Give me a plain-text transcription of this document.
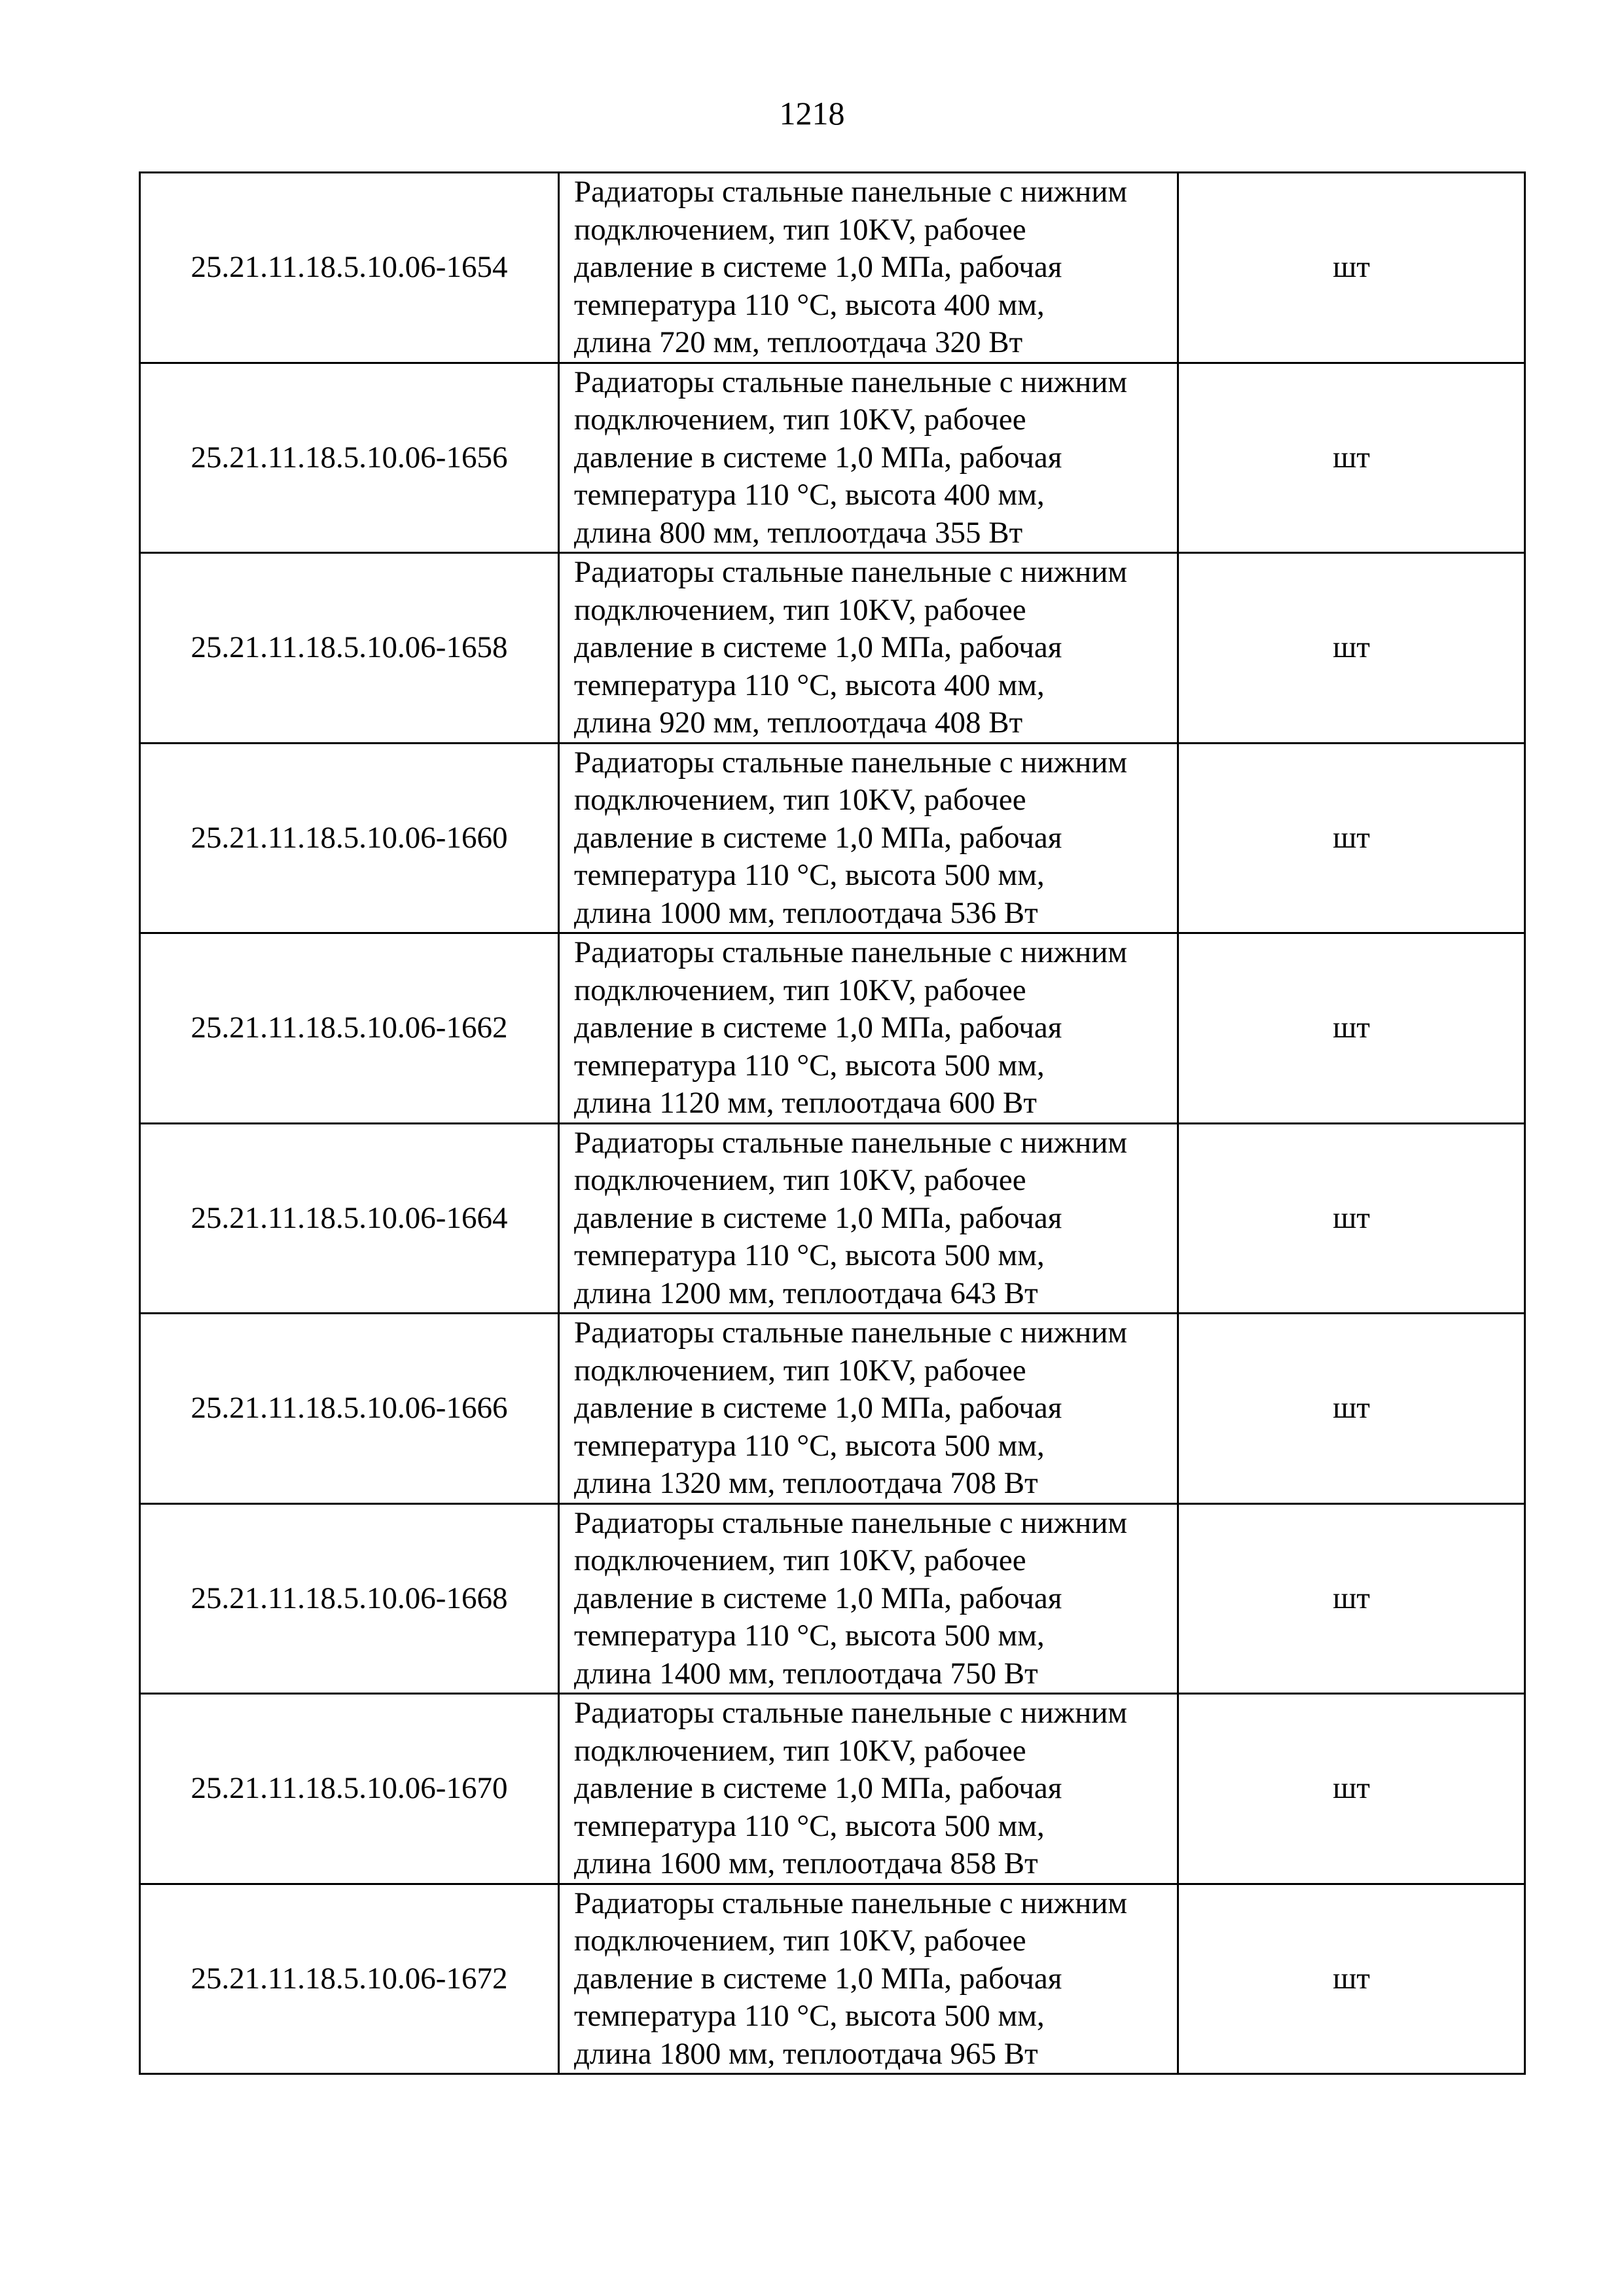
1218
25.21.11.18.5.10.06-1654	Радиаторы стальные панельные с нижним
подключением, тип 10KV, рабочее
давление в системе 1,0 МПа, рабочая
температура 110 °С, высота 400 мм,
длина 720 мм, теплоотдача 320 Вт	шт
25.21.11.18.5.10.06-1656	Радиаторы стальные панельные с нижним
подключением, тип 10KV, рабочее
давление в системе 1,0 МПа, рабочая
температура 110 °С, высота 400 мм,
длина 800 мм, теплоотдача 355 Вт	шт
25.21.11.18.5.10.06-1658	Радиаторы стальные панельные с нижним
подключением, тип 10KV, рабочее
давление в системе 1,0 МПа, рабочая
температура 110 °С, высота 400 мм,
длина 920 мм, теплоотдача 408 Вт	шт
25.21.11.18.5.10.06-1660	Радиаторы стальные панельные с нижним
подключением, тип 10KV, рабочее
давление в системе 1,0 МПа, рабочая
температура 110 °С, высота 500 мм,
длина 1000 мм, теплоотдача 536 Вт	шт
25.21.11.18.5.10.06-1662	Радиаторы стальные панельные с нижним
подключением, тип 10KV, рабочее
давление в системе 1,0 МПа, рабочая
температура 110 °С, высота 500 мм,
длина 1120 мм, теплоотдача 600 Вт	шт
25.21.11.18.5.10.06-1664	Радиаторы стальные панельные с нижним
подключением, тип 10KV, рабочее
давление в системе 1,0 МПа, рабочая
температура 110 °С, высота 500 мм,
длина 1200 мм, теплоотдача 643 Вт	шт
25.21.11.18.5.10.06-1666	Радиаторы стальные панельные с нижним
подключением, тип 10KV, рабочее
давление в системе 1,0 МПа, рабочая
температура 110 °С, высота 500 мм,
длина 1320 мм, теплоотдача 708 Вт	шт
25.21.11.18.5.10.06-1668	Радиаторы стальные панельные с нижним
подключением, тип 10KV, рабочее
давление в системе 1,0 МПа, рабочая
температура 110 °С, высота 500 мм,
длина 1400 мм, теплоотдача 750 Вт	шт
25.21.11.18.5.10.06-1670	Радиаторы стальные панельные с нижним
подключением, тип 10KV, рабочее
давление в системе 1,0 МПа, рабочая
температура 110 °С, высота 500 мм,
длина 1600 мм, теплоотдача 858 Вт	шт
25.21.11.18.5.10.06-1672	Радиаторы стальные панельные с нижним
подключением, тип 10KV, рабочее
давление в системе 1,0 МПа, рабочая
температура 110 °С, высота 500 мм,
длина 1800 мм, теплоотдача 965 Вт	шт
